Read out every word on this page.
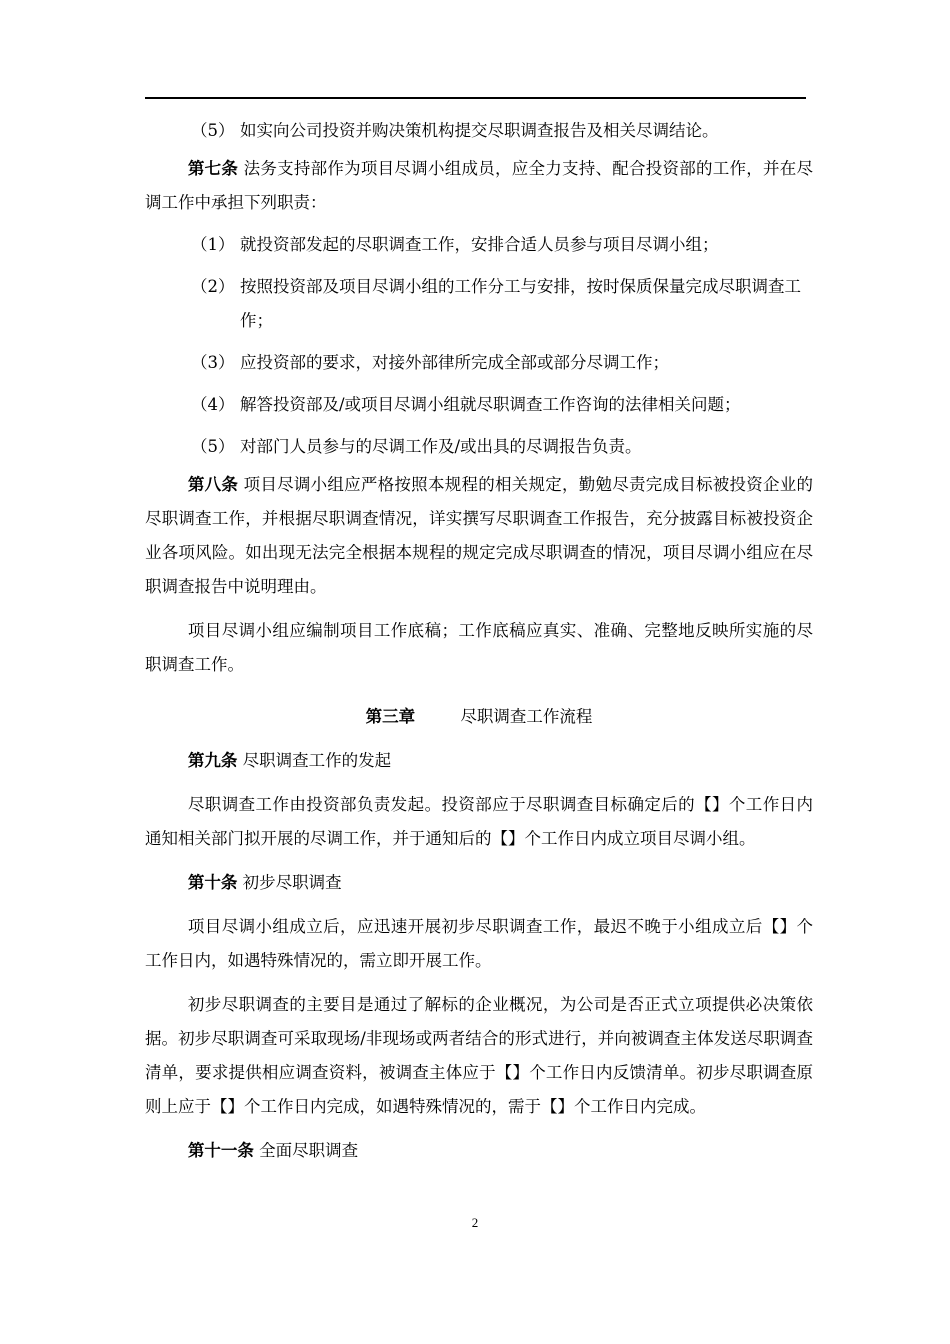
（5） 如实向公司投资并购决策机构提交尽职调查报告及相关尽调结论。

第七条 法务支持部作为项目尽调小组成员，应全力支持、配合投资部的工作，并在尽调工作中承担下列职责：

（1） 就投资部发起的尽职调查工作，安排合适人员参与项目尽调小组；
（2） 按照投资部及项目尽调小组的工作分工与安排，按时保质保量完成尽职调查工作；
（3） 应投资部的要求，对接外部律所完成全部或部分尽调工作；
（4） 解答投资部及/或项目尽调小组就尽职调查工作咨询的法律相关问题；
（5） 对部门人员参与的尽调工作及/或出具的尽调报告负责。

第八条 项目尽调小组应严格按照本规程的相关规定，勤勉尽责完成目标被投资企业的尽职调查工作，并根据尽职调查情况，详实撰写尽职调查工作报告，充分披露目标被投资企业各项风险。如出现无法完全根据本规程的规定完成尽职调查的情况，项目尽调小组应在尽职调查报告中说明理由。

项目尽调小组应编制项目工作底稿；工作底稿应真实、准确、完整地反映所实施的尽职调查工作。

第三章	尽职调查工作流程

第九条 尽职调查工作的发起

尽职调查工作由投资部负责发起。投资部应于尽职调查目标确定后的【】个工作日内通知相关部门拟开展的尽调工作，并于通知后的【】个工作日内成立项目尽调小组。

第十条 初步尽职调查

项目尽调小组成立后，应迅速开展初步尽职调查工作，最迟不晚于小组成立后【】个工作日内，如遇特殊情况的，需立即开展工作。

初步尽职调查的主要目是通过了解标的企业概况，为公司是否正式立项提供必决策依据。初步尽职调查可采取现场/非现场或两者结合的形式进行，并向被调查主体发送尽职调查清单，要求提供相应调查资料，被调查主体应于【】个工作日内反馈清单。初步尽职调查原则上应于【】个工作日内完成，如遇特殊情况的，需于【】个工作日内完成。

第十一条 全面尽职调查

2
